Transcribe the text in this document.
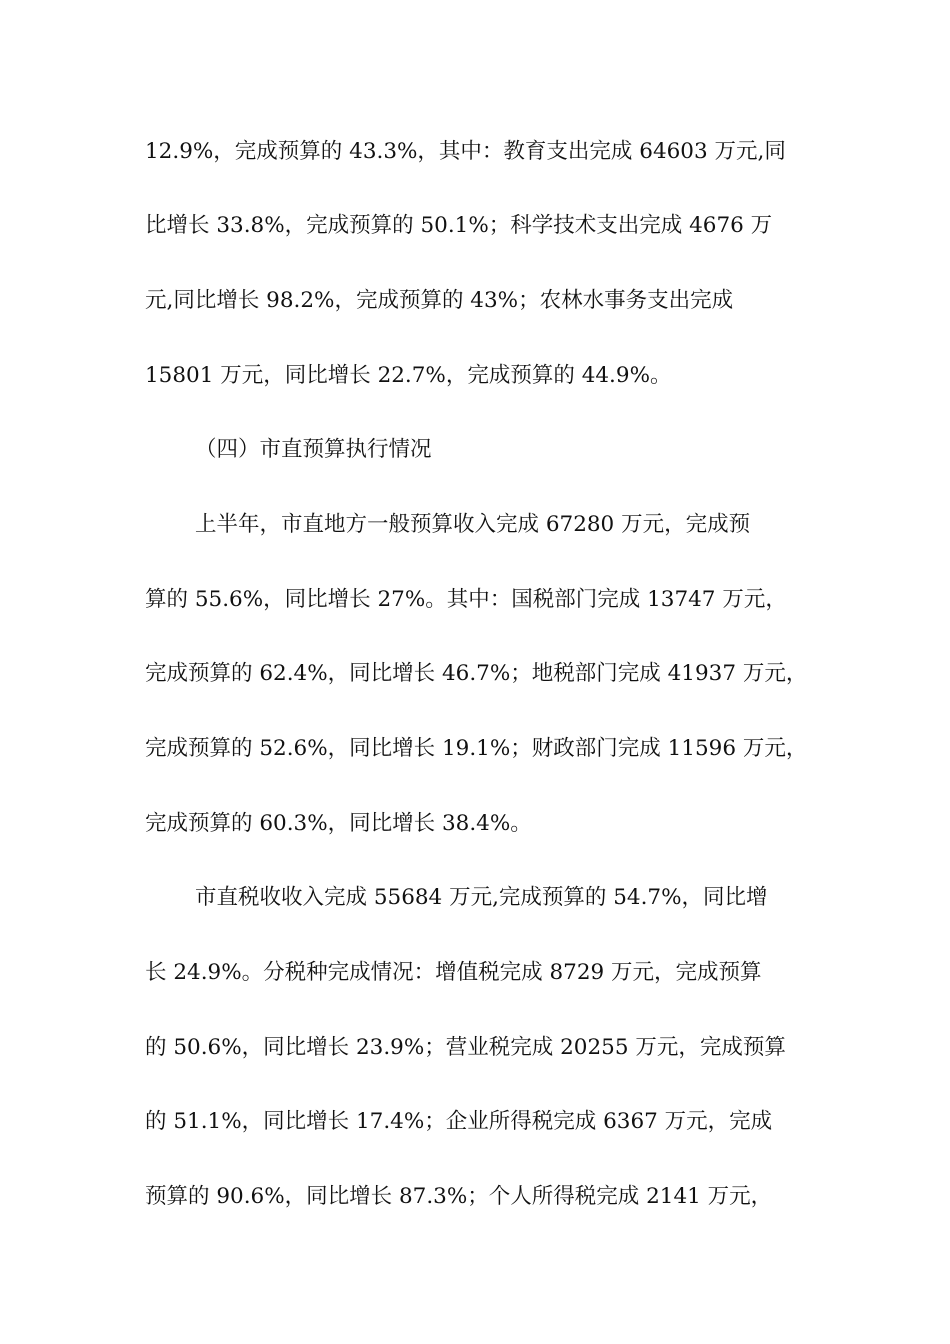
12.9%，完成预算的 43.3%，其中：教育支出完成 64603 万元,同

比增长 33.8%，完成预算的 50.1%；科学技术支出完成 4676 万

元,同比增长 98.2%，完成预算的 43%；农林水事务支出完成

15801 万元，同比增长 22.7%，完成预算的 44.9%。

（四）市直预算执行情况

上半年，市直地方一般预算收入完成 67280 万元，完成预

算的 55.6%，同比增长 27%。其中：国税部门完成 13747 万元，

完成预算的 62.4%，同比增长 46.7%；地税部门完成 41937 万元，

完成预算的 52.6%，同比增长 19.1%；财政部门完成 11596 万元，

完成预算的 60.3%，同比增长 38.4%。

市直税收收入完成 55684 万元,完成预算的 54.7%，同比增

长 24.9%。分税种完成情况：增值税完成 8729 万元，完成预算

的 50.6%，同比增长 23.9%；营业税完成 20255 万元，完成预算

的 51.1%，同比增长 17.4%；企业所得税完成 6367 万元，完成

预算的 90.6%，同比增长 87.3%；个人所得税完成 2141 万元，
